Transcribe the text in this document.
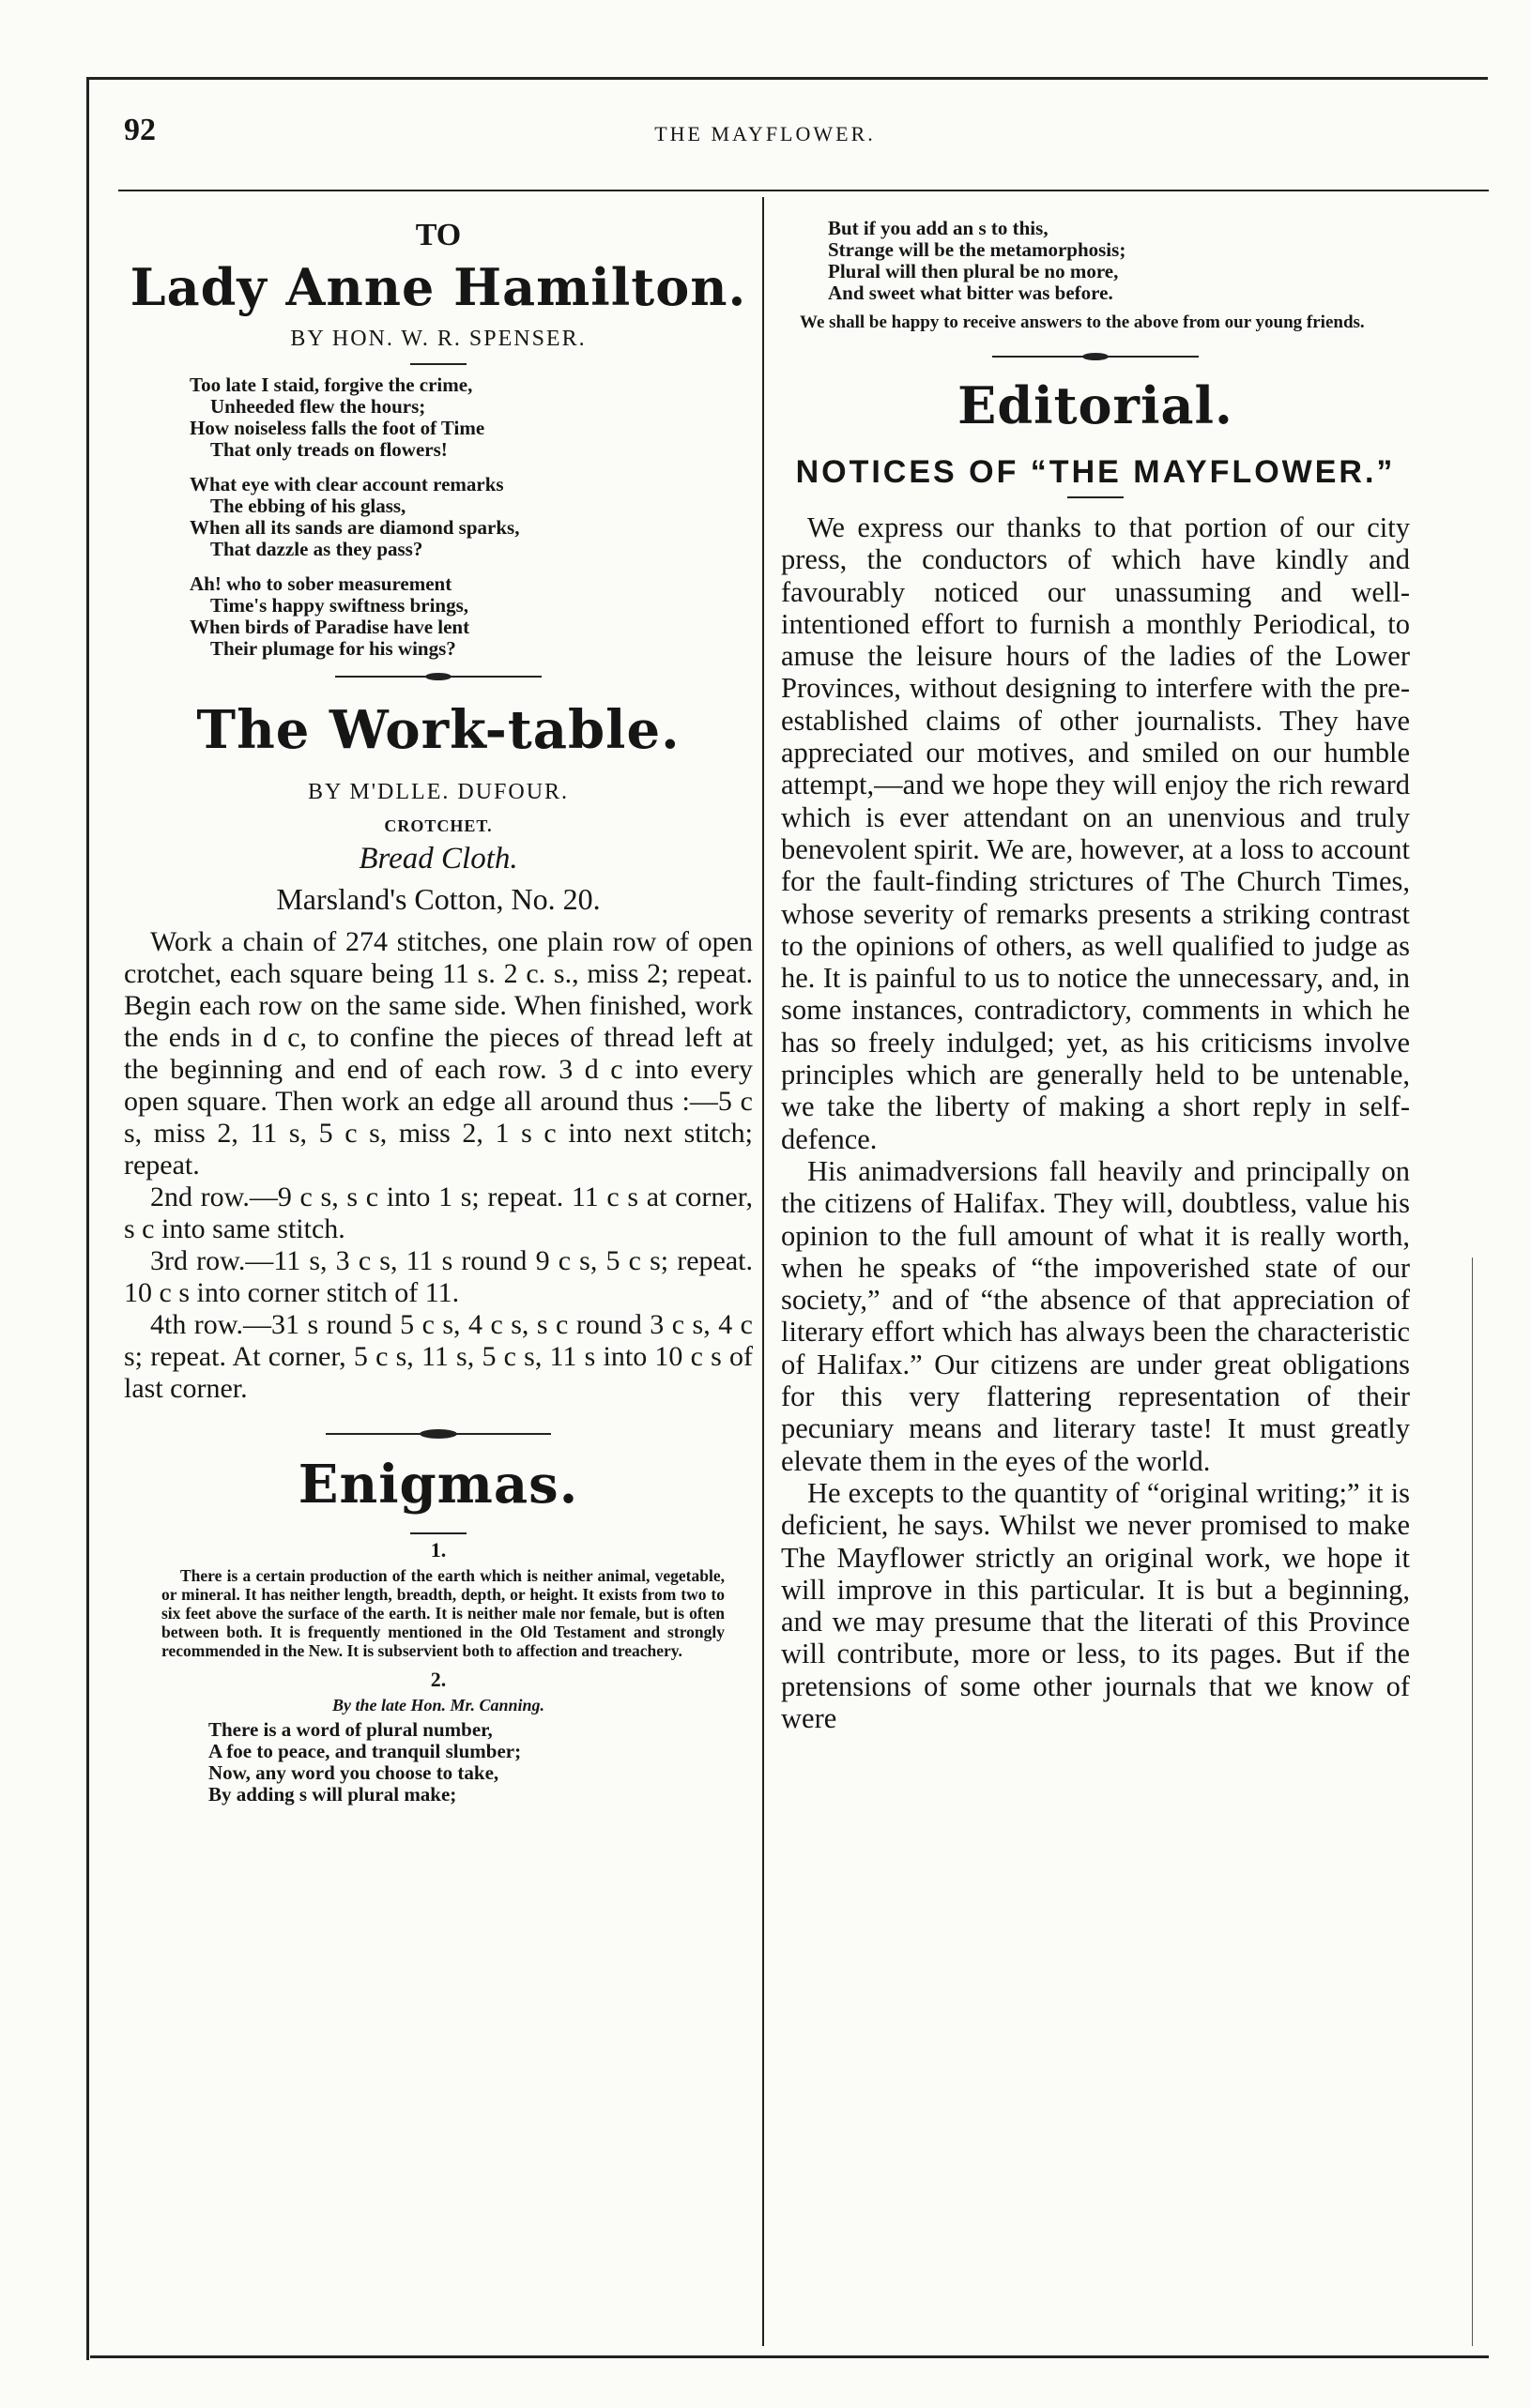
92	THE MAYFLOWER.

TO

Lady Anne Hamilton.
BY HON. W. R. SPENSER.
Too late I staid, forgive the crime,
Unheeded flew the hours;
How noiseless falls the foot of Time
That only treads on flowers!
What eye with clear account remarks
The ebbing of his glass,
When all its sands are diamond sparks,
That dazzle as they pass?
Ah! who to sober measurement
Time's happy swiftness brings,
When birds of Paradise have lent
Their plumage for his wings?
The Work-table.
BY M'DLLE. DUFOUR.
CROTCHET.
Bread Cloth.
Marsland's Cotton, No. 20.

Work a chain of 274 stitches, one plain row of open crotchet, each square being 11 s. 2 c. s., miss 2; repeat. Begin each row on the same side. When finished, work the ends in d c, to confine the pieces of thread left at the beginning and end of each row. 3 d c into every open square. Then work an edge all around thus :—5 c s, miss 2, 11 s, 5 c s, miss 2, 1 s c into next stitch; repeat.

2nd row.—9 c s, s c into 1 s; repeat. 11 c s at corner, s c into same stitch.

3rd row.—11 s, 3 c s, 11 s round 9 c s, 5 c s; repeat. 10 c s into corner stitch of 11.

4th row.—31 s round 5 c s, 4 c s, s c round 3 c s, 4 c s; repeat. At corner, 5 c s, 11 s, 5 c s, 11 s into 10 c s of last corner.

Enigmas.
1.

There is a certain production of the earth which is neither animal, vegetable, or mineral. It has neither length, breadth, depth, or height. It exists from two to six feet above the surface of the earth. It is neither male nor female, but is often between both. It is frequently mentioned in the Old Testament and strongly recommended in the New. It is subservient both to affection and treachery.

2.
By the late Hon. Mr. Canning.
There is a word of plural number,
A foe to peace, and tranquil slumber;
Now, any word you choose to take,
By adding s will plural make;
But if you add an s to this,
Strange will be the metamorphosis;
Plural will then plural be no more,
And sweet what bitter was before.

We shall be happy to receive answers to the above from our young friends.

Editorial.
NOTICES OF “THE MAYFLOWER.”

We express our thanks to that portion of our city press, the conductors of which have kindly and favourably noticed our unassuming and well-intentioned effort to furnish a monthly Periodical, to amuse the leisure hours of the ladies of the Lower Provinces, without designing to interfere with the pre-established claims of other journalists. They have appreciated our motives, and smiled on our humble attempt,—and we hope they will enjoy the rich reward which is ever attendant on an unenvious and truly benevolent spirit. We are, however, at a loss to account for the fault-finding strictures of The Church Times, whose severity of remarks presents a striking contrast to the opinions of others, as well qualified to judge as he. It is painful to us to notice the unnecessary, and, in some instances, contradictory, comments in which he has so freely indulged; yet, as his criticisms involve principles which are generally held to be untenable, we take the liberty of making a short reply in self-defence.

His animadversions fall heavily and principally on the citizens of Halifax. They will, doubtless, value his opinion to the full amount of what it is really worth, when he speaks of “the impoverished state of our society,” and of “the absence of that appreciation of literary effort which has always been the characteristic of Halifax.” Our citizens are under great obligations for this very flattering representation of their pecuniary means and literary taste! It must greatly elevate them in the eyes of the world.

He excepts to the quantity of “original writing;” it is deficient, he says. Whilst we never promised to make The Mayflower strictly an original work, we hope it will improve in this particular. It is but a beginning, and we may presume that the literati of this Province will contribute, more or less, to its pages. But if the pretensions of some other journals that we know of were
